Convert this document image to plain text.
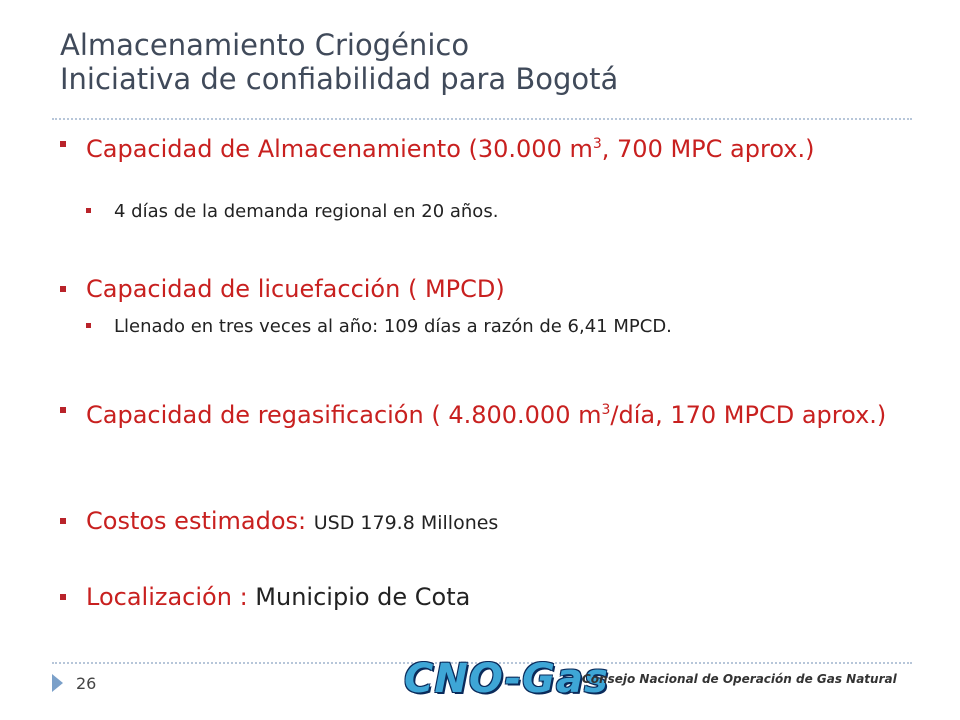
Almacenamiento Criogénico
Iniciativa de confiabilidad para Bogotá
Capacidad de Almacenamiento (30.000 $m^3$, 700 MPC aprox.)
4 días de la demanda regional en 20 años.
Capacidad de licuefacción ( MPCD)
Llenado en tres veces al año: 109 días a razón de 6,41 MPCD.
Capacidad de regasificación ( 4.800.000 $m^3$/día, 170 MPCD aprox.)
Costos estimados: USD 179.8 Millones
Localización : Municipio de Cota
26	CNO-Gas
Consejo Nacional de Operación de Gas Natural
